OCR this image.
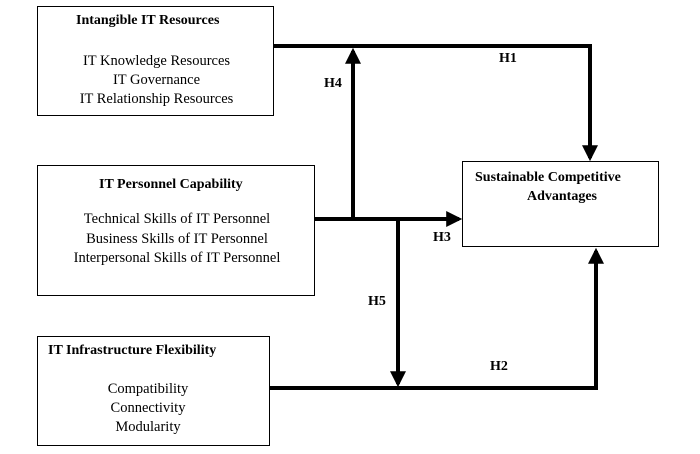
Intangible IT Resources
IT Knowledge Resources
IT Governance
IT Relationship Resources
IT Personnel Capability
Technical Skills of IT Personnel
Business Skills of IT Personnel
Interpersonal Skills of IT Personnel
IT Infrastructure Flexibility
Compatibility
Connectivity
Modularity
Sustainable Competitive
Advantages
H1
H2
H3
H4
H5
